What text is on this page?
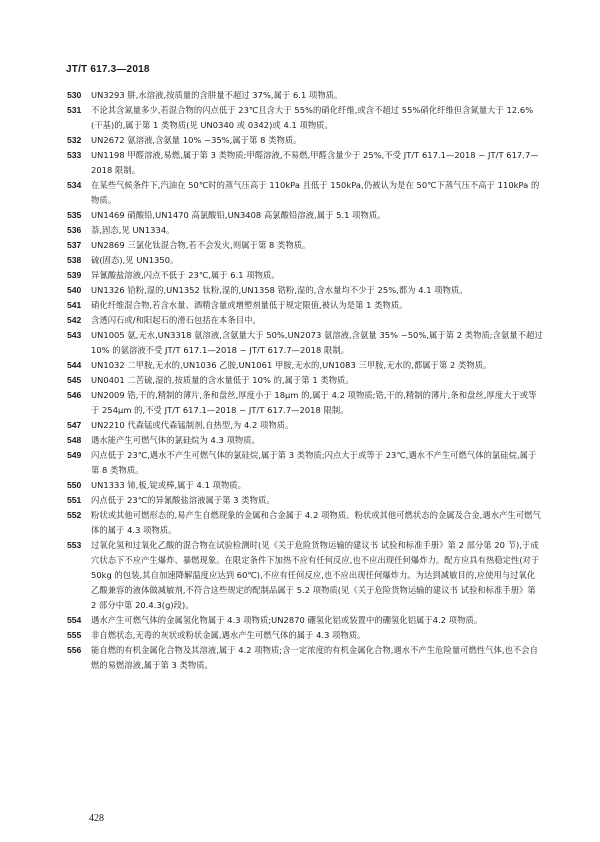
JT/T 617.3—2018
530	UN3293 肼,水溶液,按质量的含肼量不超过 37%,属于 6.1 项物质。
531	不论其含氮量多少,若混合物的闪点低于 23℃且含大于 55%的硝化纤维,或含不超过 55%硝化纤维但含氮量大于 12.6%(干基)的,属于第 1 类物质(见 UN0340 或 0342)或 4.1 项物质。
532	UN2672 氨溶液,含氨量 10% ~35%,属于第 8 类物质。
533	UN1198 甲醛溶液,易燃,属于第 3 类物质;甲醛溶液,不易燃,甲醛含量少于 25%,不受 JT/T 617.1—2018 ~ JT/T 617.7—2018 限制。
534	在某些气候条件下,汽油在 50℃时的蒸气压高于 110kPa 且低于 150kPa,仍被认为是在 50℃下蒸气压不高于 110kPa 的物质。
535	UN1469 硝酸铅,UN1470 高氯酸铅,UN3408 高氯酸铅溶液,属于 5.1 项物质。
536	萘,固态,见 UN1334。
537	UN2869 三氯化钛混合物,若不会发火,则属于第 8 类物质。
538	硫(固态),见 UN1350。
539	异氰酸盐溶液,闪点不低于 23℃,属于 6.1 项物质。
540	UN1326 铪粉,湿的,UN1352 钛粉,湿的,UN1358 锆粉,湿的,含水量均不少于 25%,都为 4.1 项物质。
541	硝化纤维混合物,若含水量、酒精含量或增塑剂量低于规定限值,被认为是第 1 类物质。
542	含透闪石或/和阳起石的滑石包括在本条目中。
543	UN1005 氨,无水,UN3318 氨溶液,含氨量大于 50%,UN2073 氨溶液,含氨量 35% ~50%,属于第 2 类物质;含氨量不超过 10% 的氨溶液不受 JT/T 617.1—2018 ~ JT/T 617.7—2018 限制。
544	UN1032 二甲胺,无水的,UN1036 乙胺,UN1061 甲胺,无水的,UN1083 三甲胺,无水的,都属于第 2 类物质。
545	UN0401 二苦硫,湿的,按质量的含水量低于 10% 的,属于第 1 类物质。
546	UN2009 锆,干的,精制的薄片,条和盘丝,厚度小于 18μm 的,属于 4.2 项物质;锆,干的,精制的薄片,条和盘丝,厚度大于或等于 254μm 的,不受 JT/T 617.1—2018 ~ JT/T 617.7—2018 限制。
547	UN2210 代森锰或代森锰制剂,自热型,为 4.2 项物质。
548	遇水能产生可燃气体的氯硅烷为 4.3 项物质。
549	闪点低于 23℃,遇水不产生可燃气体的氯硅烷,属于第 3 类物质;闪点大于或等于 23℃,遇水不产生可燃气体的氯硅烷,属于第 8 类物质。
550	UN1333 铈,板,锭或棒,属于 4.1 项物质。
551	闪点低于 23℃的异氰酸盐溶液属于第 3 类物质。
552	粉状或其他可燃形态的,易产生自燃现象的金属和合金属于 4.2 项物质。粉状或其他可燃状态的金属及合金,遇水产生可燃气体的属于 4.3 项物质。
553	过氧化氢和过氧化乙酸的混合物在试验检测时(见《关于危险货物运输的建议书 试验和标准手册》第 2 部分第 20 节),于成穴状态下不应产生爆炸、暴燃现象。在限定条件下加热不应有任何反应,也不应出现任何爆炸力。配方应具有热稳定性(对于 50kg 的包装,其自加速降解温度应达到 60℃),不应有任何反应,也不应出现任何爆炸力。为达到减敏目的,应使用与过氧化乙酸兼容的液体做减敏剂,不符合这些规定的配制品属于 5.2 项物质(见《关于危险货物运输的建议书 试验和标准手册》第 2 部分中第 20.4.3(g)段)。
554	遇水产生可燃气体的金属氢化物属于 4.3 项物质;UN2870 硼氢化铝或装置中的硼氢化铝属于4.2 项物质。
555	非自燃状态,无毒的灰状或粉状金属,遇水产生可燃气体的属于 4.3 项物质。
556	能自燃的有机金属化合物及其溶液,属于 4.2 项物质;含一定浓度的有机金属化合物,遇水不产生危险量可燃性气体,也不会自燃的易燃溶液,属于第 3 类物质。
428
